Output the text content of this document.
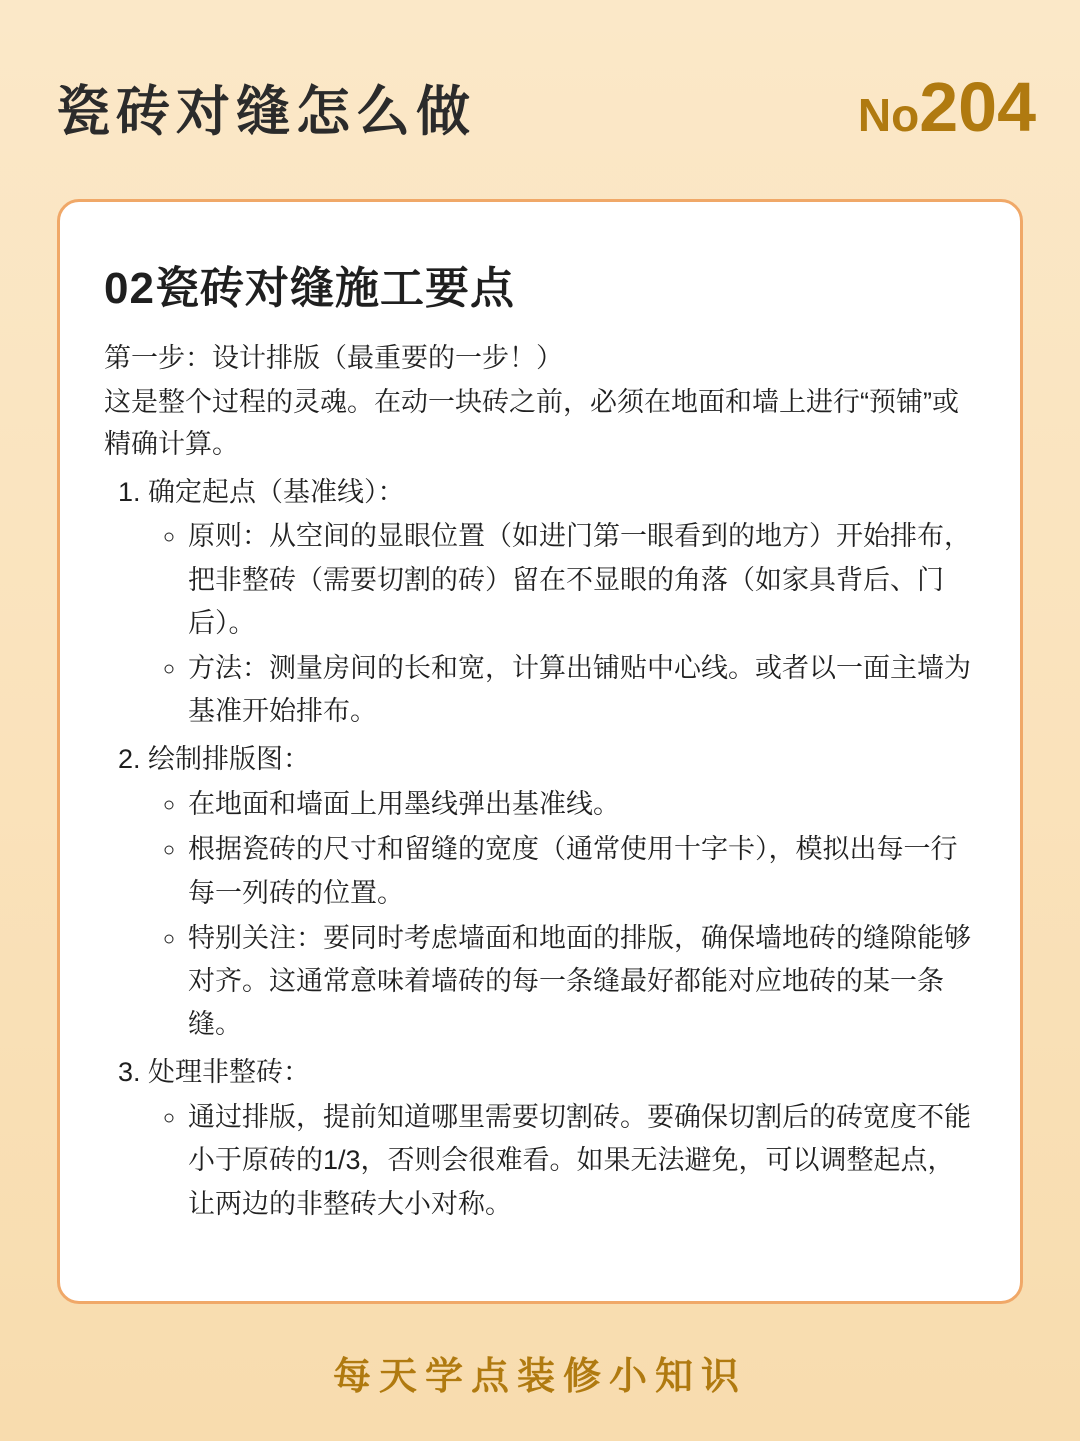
瓷砖对缝怎么做	No204
02瓷砖对缝施工要点

第一步：设计排版（最重要的一步！）

这是整个过程的灵魂。在动一块砖之前，必须在地面和墙上进行“预铺”或精确计算。

1. 确定起点（基准线）：
◦ 原则：从空间的显眼位置（如进门第一眼看到的地方）开始排布，把非整砖（需要切割的砖）留在不显眼的角落（如家具背后、门后）。
◦ 方法：测量房间的长和宽，计算出铺贴中心线。或者以一面主墙为基准开始排布。
2. 绘制排版图：
◦ 在地面和墙面上用墨线弹出基准线。
◦ 根据瓷砖的尺寸和留缝的宽度（通常使用十字卡），模拟出每一行每一列砖的位置。
◦ 特别关注：要同时考虑墙面和地面的排版，确保墙地砖的缝隙能够对齐。这通常意味着墙砖的每一条缝最好都能对应地砖的某一条缝。
3. 处理非整砖：
◦ 通过排版，提前知道哪里需要切割砖。要确保切割后的砖宽度不能小于原砖的1/3，否则会很难看。如果无法避免，可以调整起点，让两边的非整砖大小对称。
每天学点装修小知识
